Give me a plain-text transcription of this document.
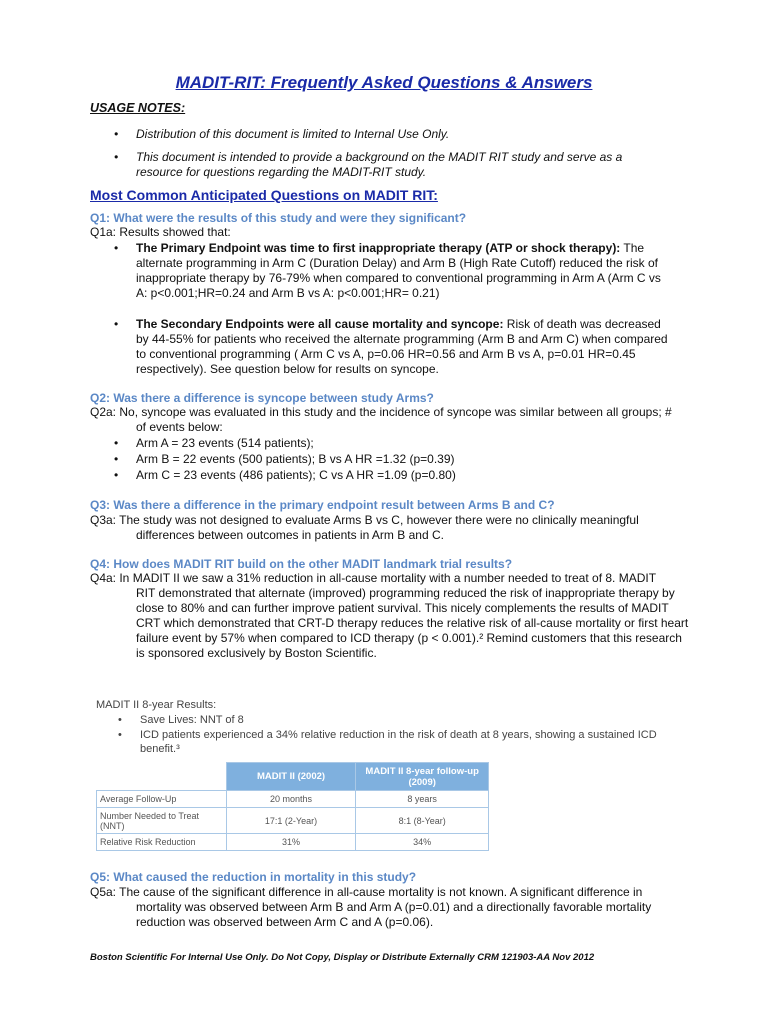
MADIT-RIT: Frequently Asked Questions & Answers
USAGE NOTES:
• Distribution of this document is limited to Internal Use Only.
• This document is intended to provide a background on the MADIT RIT study and serve as a
resource for questions regarding the MADIT-RIT study.
Most Common Anticipated Questions on MADIT RIT:
Q1: What were the results of this study and were they significant?
Q1a: Results showed that:
• The Primary Endpoint was time to first inappropriate therapy (ATP or shock therapy): The
alternate programming in Arm C (Duration Delay) and Arm B (High Rate Cutoff) reduced the risk of
inappropriate therapy by 76-79% when compared to conventional programming in Arm A (Arm C vs
A: p<0.001;HR=0.24 and Arm B vs A: p<0.001;HR= 0.21)
• The Secondary Endpoints were all cause mortality and syncope: Risk of death was decreased
by 44-55% for patients who received the alternate programming (Arm B and Arm C) when compared
to conventional programming ( Arm C vs A, p=0.06 HR=0.56 and Arm B vs A, p=0.01 HR=0.45
respectively). See question below for results on syncope.
Q2: Was there a difference is syncope between study Arms?
Q2a: No, syncope was evaluated in this study and the incidence of syncope was similar between all groups; #
of events below:
• Arm A = 23 events (514 patients);
• Arm B = 22 events (500 patients); B vs A HR =1.32 (p=0.39)
• Arm C = 23 events (486 patients); C vs A HR =1.09 (p=0.80)
Q3: Was there a difference in the primary endpoint result between Arms B and C?
Q3a: The study was not designed to evaluate Arms B vs C, however there were no clinically meaningful
differences between outcomes in patients in Arm B and C.
Q4: How does MADIT RIT build on the other MADIT landmark trial results?
Q4a: In MADIT II we saw a 31% reduction in all-cause mortality with a number needed to treat of 8. MADIT
RIT demonstrated that alternate (improved) programming reduced the risk of inappropriate therapy by
close to 80% and can further improve patient survival. This nicely complements the results of MADIT
CRT which demonstrated that CRT-D therapy reduces the relative risk of all-cause mortality or first heart
failure event by 57% when compared to ICD therapy (p < 0.001).² Remind customers that this research
is sponsored exclusively by Boston Scientific.
MADIT II 8-year Results:
• Save Lives: NNT of 8
• ICD patients experienced a 34% relative reduction in the risk of death at 8 years, showing a sustained ICD
benefit.³
	MADIT II (2002)	MADIT II 8-year follow-up
(2009)

Average Follow-Up	20 months	8 years

Number Needed to Treat
(NNT)	17:1 (2-Year)	8:1 (8-Year)
Relative Risk Reduction	31%	34%
Q5: What caused the reduction in mortality in this study?
Q5a: The cause of the significant difference in all-cause mortality is not known. A significant difference in
mortality was observed between Arm B and Arm A (p=0.01) and a directionally favorable mortality
reduction was observed between Arm C and A (p=0.06).
Boston Scientific For Internal Use Only. Do Not Copy, Display or Distribute Externally CRM 121903-AA Nov 2012
